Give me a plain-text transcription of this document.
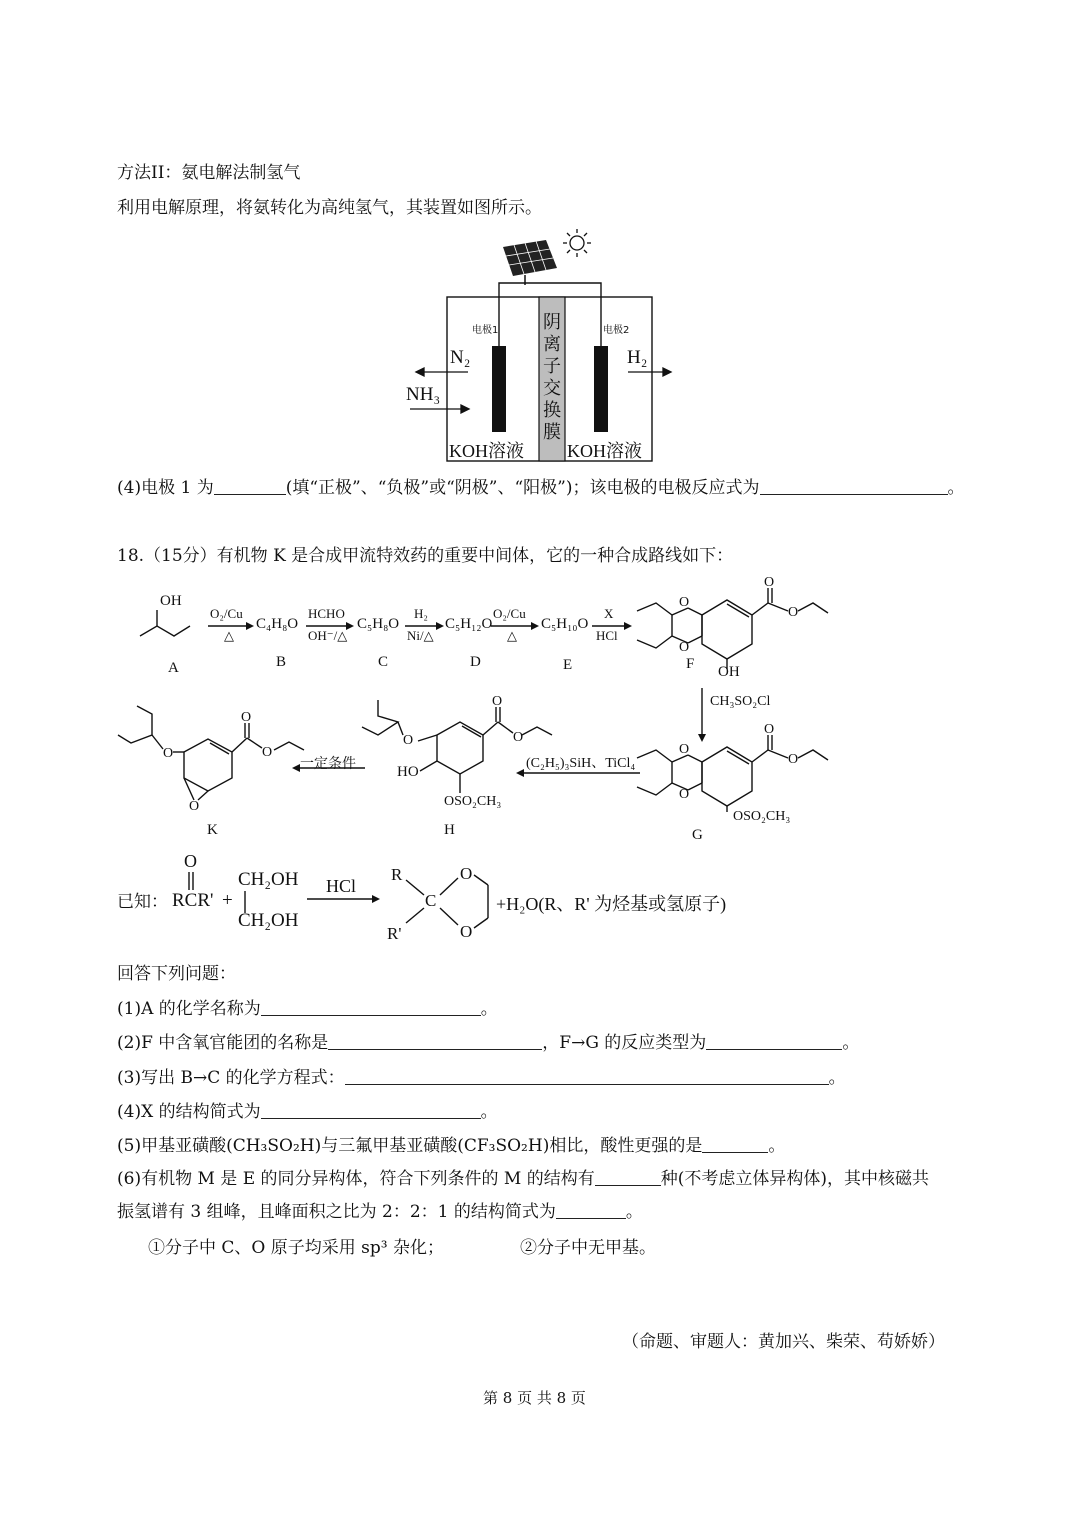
方法II：氨电解法制氢气
利用电解原理，将氨转化为高纯氢气，其装置如图所示。
电极1	电极2
阴
离
子
交
换
膜
N₂
NH₃
H₂
KOH溶液 KOH溶液
(4)电极 1 为	(填“正极”、“负极”或“阴极”、“阳极”)；该电极的电极反应式为	。
18.（15分）有机物 K 是合成甲流特效药的重要中间体，它的一种合成路线如下：
O
O
O
O
O
O
O
O
O
O
O
O
O
O
O
OH
O₂/Cu
△
C₄H₈O
HCHO
OH⁻/△
C₅H₈O
H₂
Ni/△
C₅H₁₂O
O₂/Cu
△
C₅H₁₀O
X
HCl
OH
CH₃SO₂Cl
(C₂H₅)₃SiH、TiCl₄
OSO₂CH₃
OSO₂CH₃
HO
一定条件
A	B	C	D	E	F
G
H
K
已知：
O
RCR' +
CH₂OH
CH₂OH
HCl
R
R'
C
O
O
+H₂O(R、R' 为烃基或氢原子)
回答下列问题：
(1)A 的化学名称为	。
(2)F 中含氧官能团的名称是	，F→G 的反应类型为	。
(3)写出 B→C 的化学方程式：	。
(4)X 的结构简式为	。
(5)甲基亚磺酸(CH₃SO₂H)与三氟甲基亚磺酸(CF₃SO₂H)相比，酸性更强的是	。
(6)有机物 M 是 E 的同分异构体，符合下列条件的 M 的结构有	种(不考虑立体异构体)，其中核磁共
振氢谱有 3 组峰，且峰面积之比为 2：2：1 的结构简式为	。
①分子中 C、O 原子均采用 sp³ 杂化；	②分子中无甲基。
（命题、审题人：黄加兴、柴荣、苟娇娇）
第 8 页 共 8 页
